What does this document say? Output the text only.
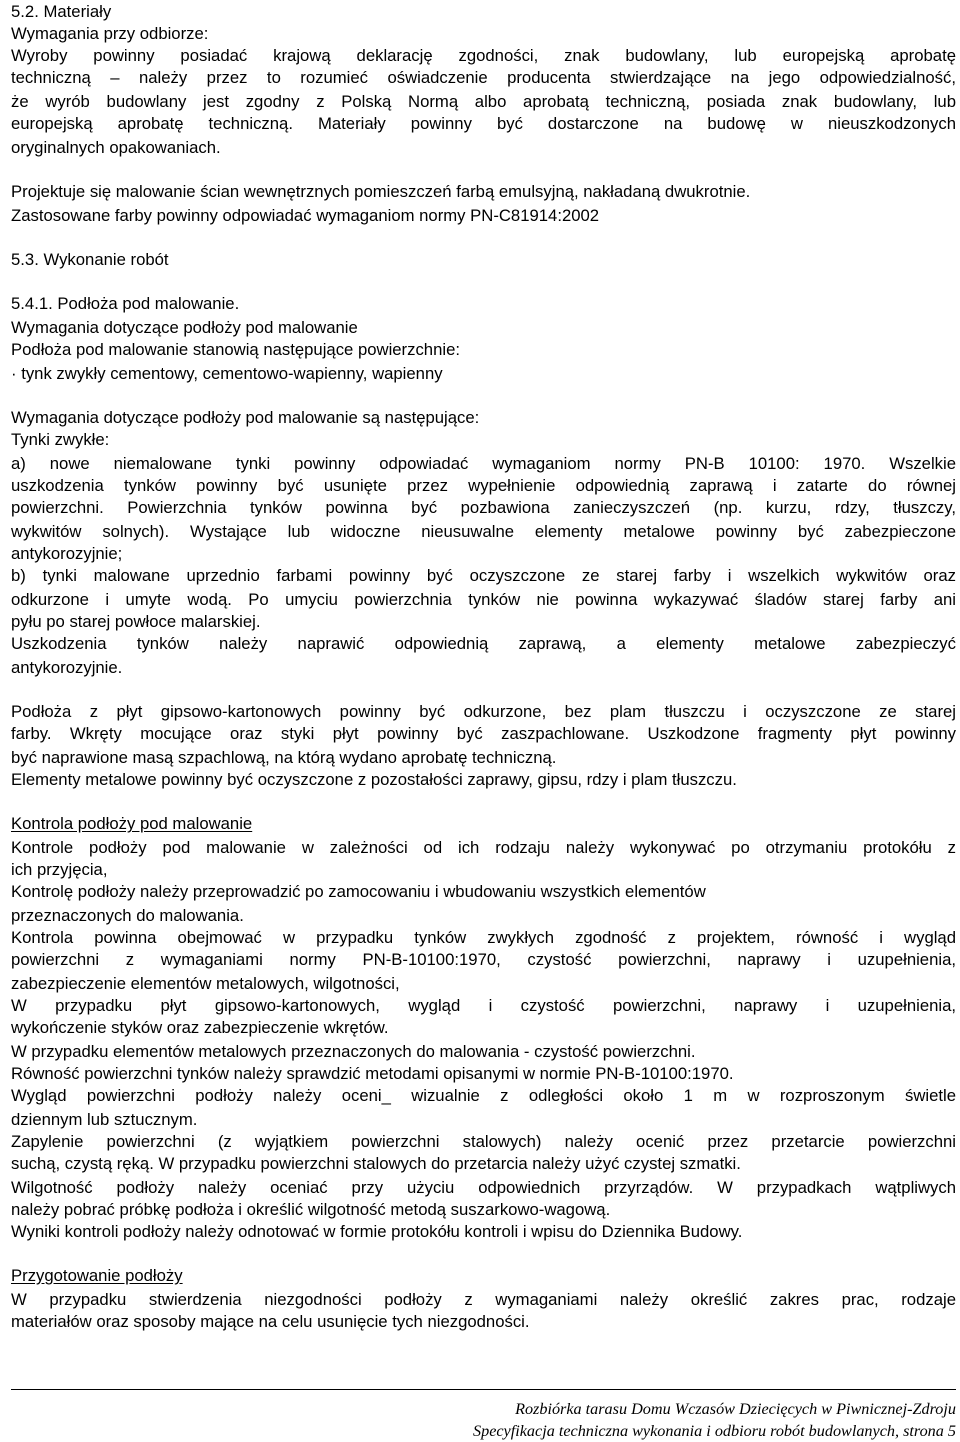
5.2. Materiały
Wymagania przy odbiorze:
Wyroby powinny posiadać krajową deklarację zgodności, znak budowlany, lub europejską aprobatę
techniczną – należy przez to rozumieć oświadczenie producenta stwierdzające na jego odpowiedzialność,
że wyrób budowlany jest zgodny z Polską Normą albo aprobatą techniczną, posiada znak budowlany, lub
europejską aprobatę techniczną. Materiały powinny być dostarczone na budowę w nieuszkodzonych
oryginalnych opakowaniach.
Projektuje się malowanie ścian wewnętrznych pomieszczeń farbą emulsyjną, nakładaną dwukrotnie.
Zastosowane farby powinny odpowiadać wymaganiom normy PN-C81914:2002
5.3. Wykonanie robót
5.4.1. Podłoża pod malowanie.
Wymagania dotyczące podłoży pod malowanie
Podłoża pod malowanie stanowią następujące powierzchnie:
· tynk zwykły cementowy, cementowo-wapienny, wapienny
Wymagania dotyczące podłoży pod malowanie są następujące:
Tynki zwykłe:
a) nowe niemalowane tynki powinny odpowiadać wymaganiom normy PN-B 10100: 1970. Wszelkie
uszkodzenia tynków powinny być usunięte przez wypełnienie odpowiednią zaprawą i zatarte do równej
powierzchni. Powierzchnia tynków powinna być pozbawiona zanieczyszczeń (np. kurzu, rdzy, tłuszczy,
wykwitów solnych). Wystające lub widoczne nieusuwalne elementy metalowe powinny być zabezpieczone
antykorozyjnie;
b) tynki malowane uprzednio farbami powinny być oczyszczone ze starej farby i wszelkich wykwitów oraz
odkurzone i umyte wodą. Po umyciu powierzchnia tynków nie powinna wykazywać śladów starej farby ani
pyłu po starej powłoce malarskiej.
Uszkodzenia tynków należy naprawić odpowiednią zaprawą, a elementy metalowe zabezpieczyć
antykorozyjnie.
Podłoża z płyt gipsowo-kartonowych powinny być odkurzone, bez plam tłuszczu i oczyszczone ze starej
farby. Wkręty mocujące oraz styki płyt powinny być zaszpachlowane. Uszkodzone fragmenty płyt powinny
być naprawione masą szpachlową, na którą wydano aprobatę techniczną.
Elementy metalowe powinny być oczyszczone z pozostałości zaprawy, gipsu, rdzy i plam tłuszczu.
Kontrola podłoży pod malowanie
Kontrole podłoży pod malowanie w zależności od ich rodzaju należy wykonywać po otrzymaniu protokółu z
ich przyjęcia,
Kontrolę podłoży należy przeprowadzić po zamocowaniu i wbudowaniu wszystkich elementów
przeznaczonych do malowania.
Kontrola powinna obejmować w przypadku tynków zwykłych zgodność z projektem, równość i wygląd
powierzchni z wymaganiami normy PN-B-10100:1970, czystość powierzchni, naprawy i uzupełnienia,
zabezpieczenie elementów metalowych, wilgotności,
W przypadku płyt gipsowo-kartonowych, wygląd i czystość powierzchni, naprawy i uzupełnienia,
wykończenie styków oraz zabezpieczenie wkrętów.
W przypadku elementów metalowych przeznaczonych do malowania - czystość powierzchni.
Równość powierzchni tynków należy sprawdzić metodami opisanymi w normie PN-B-10100:1970.
Wygląd powierzchni podłoży należy oceni_ wizualnie z odległości około 1 m w rozproszonym świetle
dziennym lub sztucznym.
Zapylenie powierzchni (z wyjątkiem powierzchni stalowych) należy ocenić przez przetarcie powierzchni
suchą, czystą ręką. W przypadku powierzchni stalowych do przetarcia należy użyć czystej szmatki.
Wilgotność podłoży należy oceniać przy użyciu odpowiednich przyrządów. W przypadkach wątpliwych
należy pobrać próbkę podłoża i określić wilgotność metodą suszarkowo-wagową.
Wyniki kontroli podłoży należy odnotować w formie protokółu kontroli i wpisu do Dziennika Budowy.
Przygotowanie podłoży
W przypadku stwierdzenia niezgodności podłoży z wymaganiami należy określić zakres prac, rodzaje
materiałów oraz sposoby mające na celu usunięcie tych niezgodności.
Rozbiórka tarasu Domu Wczasów Dziecięcych w Piwnicznej-Zdroju
Specyfikacja techniczna wykonania i odbioru robót budowlanych, strona 5
